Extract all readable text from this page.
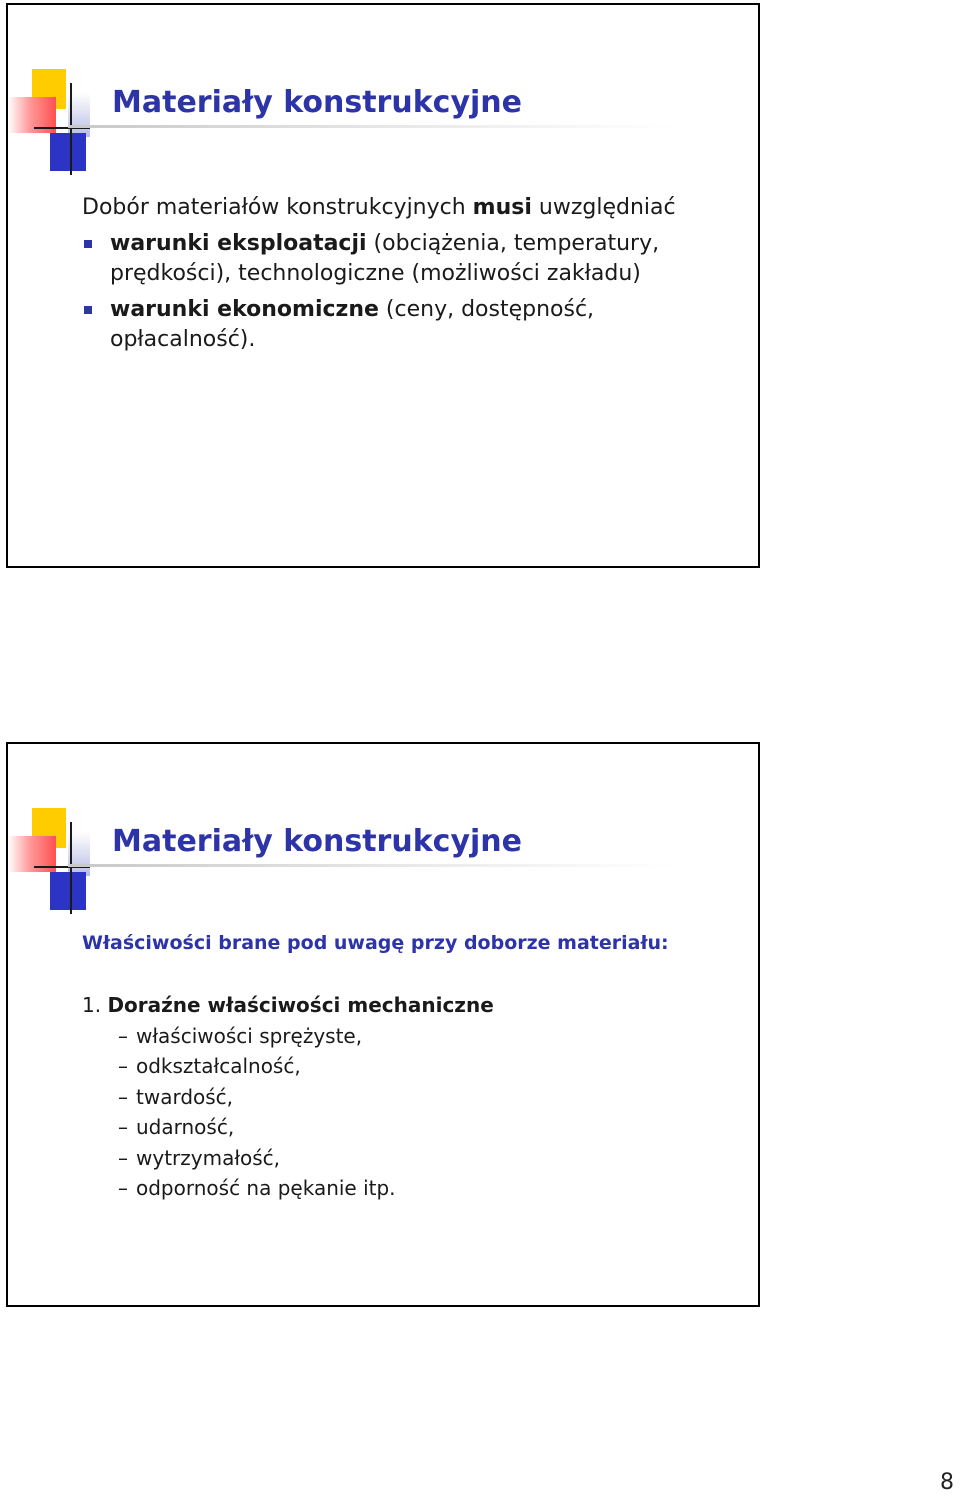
Materiały konstrukcyjne

Dobór materiałów konstrukcyjnych musi uwzględniać

warunki eksploatacji (obciążenia, temperatury, prędkości), technologiczne (możliwości zakładu)

warunki ekonomiczne (ceny, dostępność, opłacalność).

Materiały konstrukcyjne

Właściwości brane pod uwagę przy doborze materiału:

1. Doraźne właściwości mechaniczne

– właściwości sprężyste,
– odkształcalność,
– twardość,
– udarność,
– wytrzymałość,
– odporność na pękanie itp.
8
